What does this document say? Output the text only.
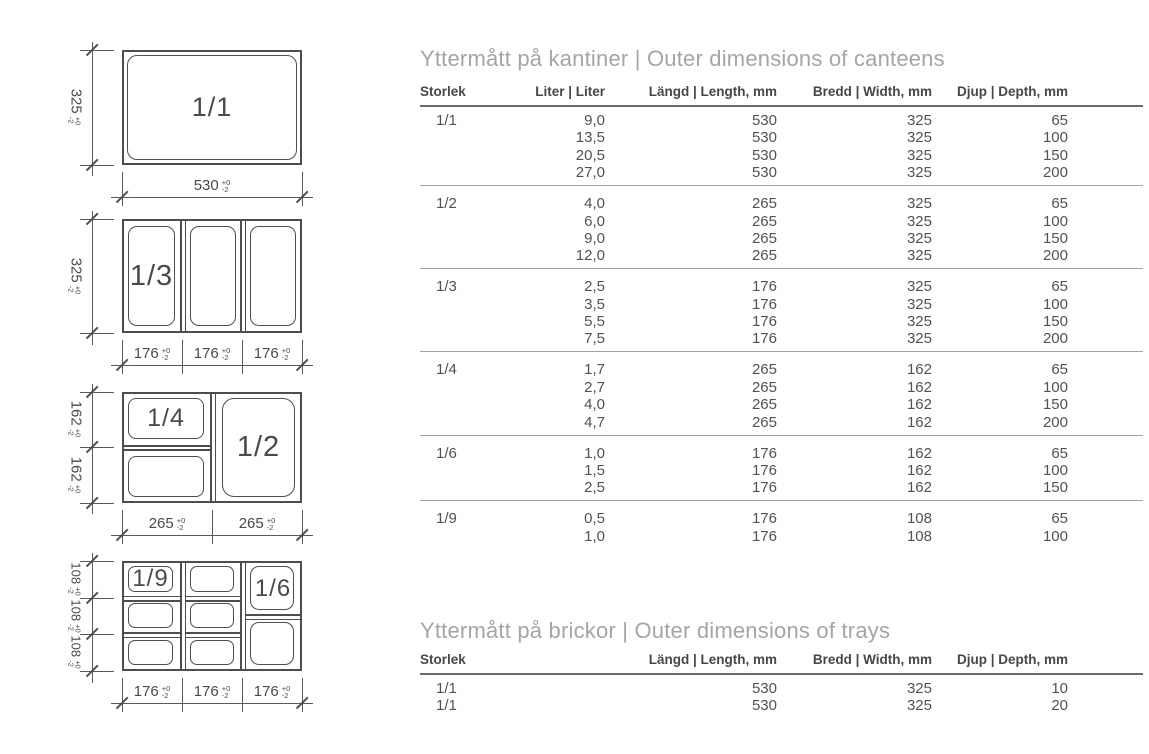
1/1
325
+0
-2
530 +0
-2
1/3
325
+0
-2
176 +0
-2 176 +0
-2 176 +0
-2
1/4
1/2
162
+0
-2
162
+0
-2
265 +0
-2	265 +0
-2
1/9	1/6
108
+0
-2
108
+0
-2
108
+0
-2
176 +0
-2 176 +0
-2 176 +0
-2
Yttermått på kantiner | Outer dimensions of canteens
Storlek	Liter | Liter	Längd | Length, mm	Bredd | Width, mm	Djup | Depth, mm	
1/1	9,0	530	325	65	
	13,5	530	325	100	
	20,5	530	325	150	
	27,0	530	325	200	
1/2	4,0	265	325	65	
	6,0	265	325	100	
	9,0	265	325	150	
	12,0	265	325	200	
1/3	2,5	176	325	65	
	3,5	176	325	100	
	5,5	176	325	150	
	7,5	176	325	200	
1/4	1,7	265	162	65	
	2,7	265	162	100	
	4,0	265	162	150	
	4,7	265	162	200	
1/6	1,0	176	162	65	
	1,5	176	162	100	
	2,5	176	162	150	
1/9	0,5	176	108	65	
	1,0	176	108	100	
Yttermått på brickor | Outer dimensions of trays
Storlek	Längd | Length, mm	Bredd | Width, mm	Djup | Depth, mm	
1/1	530	325	10	
1/1	530	325	20	
